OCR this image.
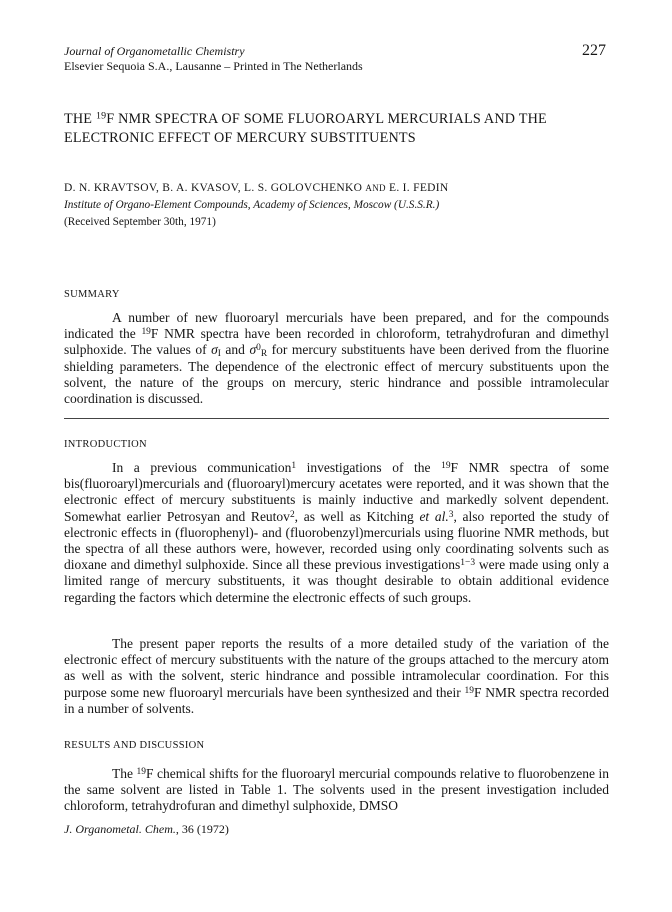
Journal of Organometallic Chemistry
Elsevier Sequoia S.A., Lausanne – Printed in The Netherlands
227
THE $^{19}$F NMR SPECTRA OF SOME FLUOROARYL MERCURIALS AND THE ELECTRONIC EFFECT OF MERCURY SUBSTITUENTS
D. N. KRAVTSOV, B. A. KVASOV, L. S. GOLOVCHENKO AND E. I. FEDIN
Institute of Organo-Element Compounds, Academy of Sciences, Moscow (U.S.S.R.)
(Received September 30th, 1971)
SUMMARY

A number of new fluoroaryl mercurials have been prepared, and for the compounds indicated the $^{19}$F NMR spectra have been recorded in chloroform, tetrahydrofuran and dimethyl sulphoxide. The values of $\sigma_I$ and $\sigma^0_R$ for mercury substituents have been derived from the fluorine shielding parameters. The dependence of the electronic effect of mercury substituents upon the solvent, the nature of the groups on mercury, steric hindrance and possible intramolecular coordination is discussed.

INTRODUCTION

In a previous communication$^1$ investigations of the $^{19}$F NMR spectra of some bis(fluoroaryl)mercurials and (fluoroaryl)mercury acetates were reported, and it was shown that the electronic effect of mercury substituents is mainly inductive and markedly solvent dependent. Somewhat earlier Petrosyan and Reutov$^2$, as well as Kitching et al.$^3$, also reported the study of electronic effects in (fluorophenyl)- and (fluorobenzyl)mercurials using fluorine NMR methods, but the spectra of all these authors were, however, recorded using only coordinating solvents such as dioxane and dimethyl sulphoxide. Since all these previous investigations$^{1-3}$ were made using only a limited range of mercury substituents, it was thought desirable to obtain additional evidence regarding the factors which determine the electronic effects of such groups.

The present paper reports the results of a more detailed study of the variation of the electronic effect of mercury substituents with the nature of the groups attached to the mercury atom as well as with the solvent, steric hindrance and possible intramolecular coordination. For this purpose some new fluoroaryl mercurials have been synthesized and their $^{19}$F NMR spectra recorded in a number of solvents.

RESULTS AND DISCUSSION

The $^{19}$F chemical shifts for the fluoroaryl mercurial compounds relative to fluorobenzene in the same solvent are listed in Table 1. The solvents used in the present investigation included chloroform, tetrahydrofuran and dimethyl sulphoxide, DMSO

J. Organometal. Chem., 36 (1972)
